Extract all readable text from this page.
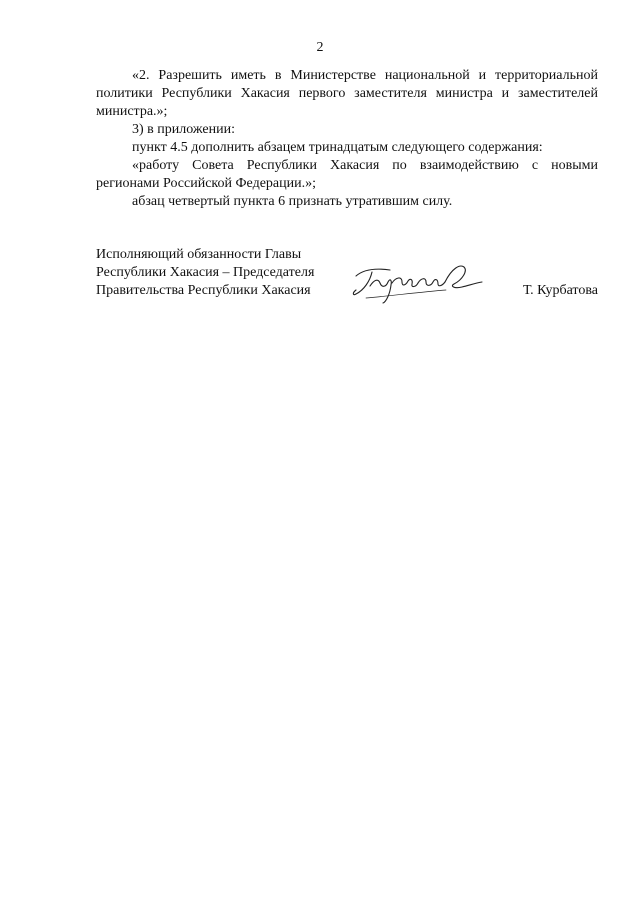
2

«2. Разрешить иметь в Министерстве национальной и территориальной политики Республики Хакасия первого заместителя министра и заместителей министра.»;

3) в приложении:

пункт 4.5 дополнить абзацем тринадцатым следующего содержания:

«работу Совета Республики Хакасия по взаимодействию с новыми регионами Российской Федерации.»;

абзац четвертый пункта 6 признать утратившим силу.

Исполняющий обязанности Главы
Республики Хакасия – Председателя
Правительства Республики Хакасия	Т. Курбатова
